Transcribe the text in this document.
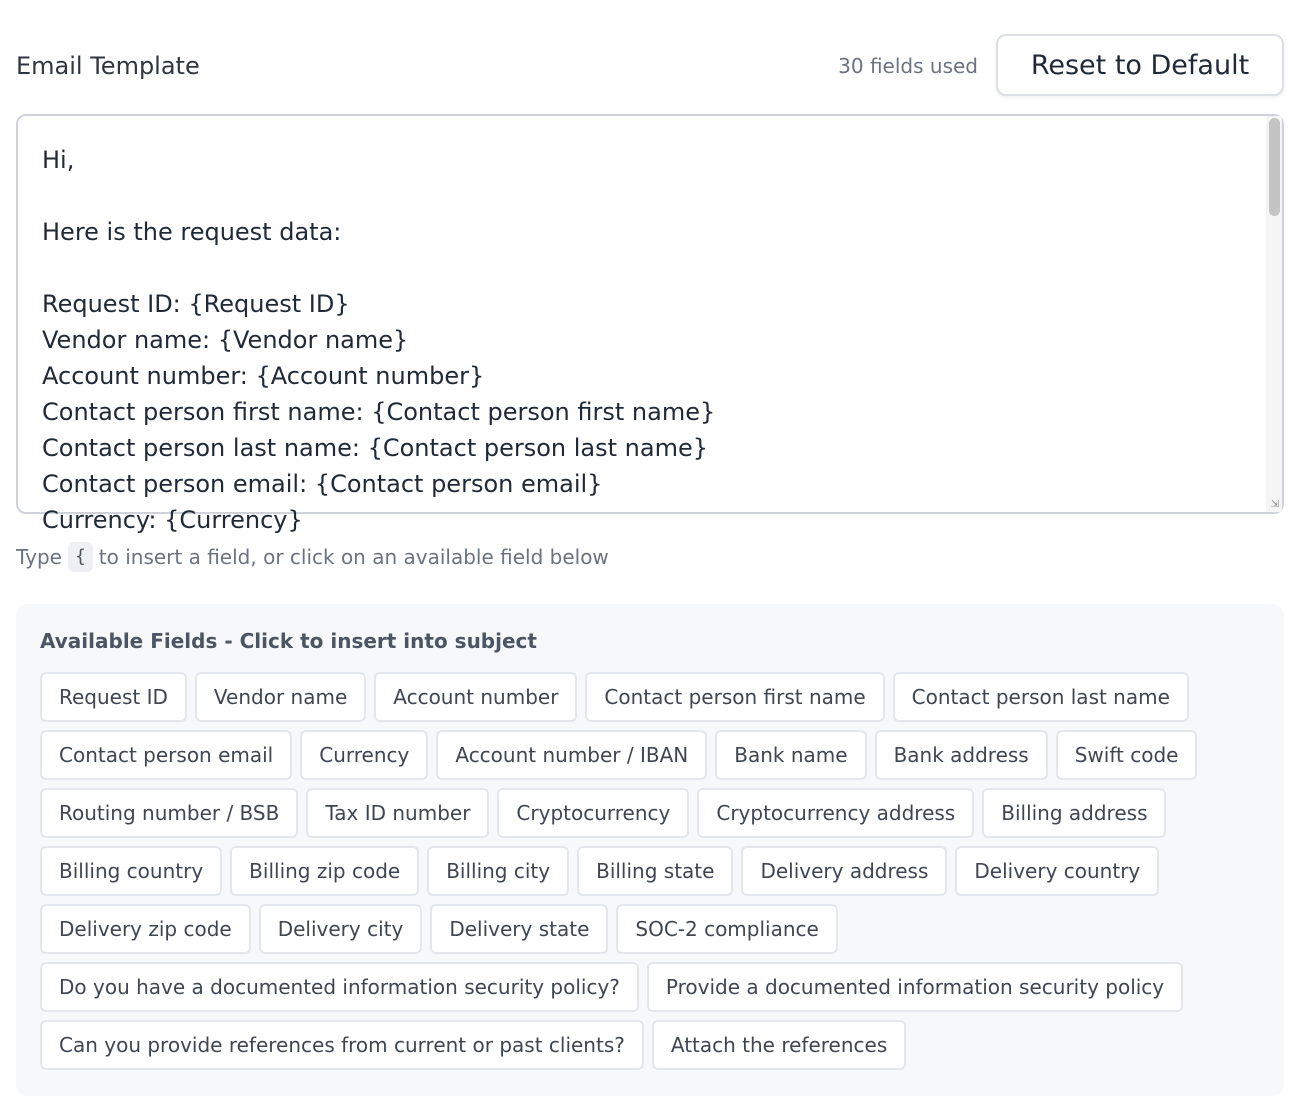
Email Template	30 fields used	Reset to Default
Hi,

Here is the request data:

Request ID: {Request ID}
Vendor name: {Vendor name}
Account number: {Account number}
Contact person first name: {Contact person first name}
Contact person last name: {Contact person last name}
Contact person email: {Contact person email}
Currency: {Currency}
⇲
Type { to insert a field, or click on an available field below
Available Fields - Click to insert into subject
Request ID	Vendor name	Account number	Contact person first name	Contact person last name
Contact person email	Currency	Account number / IBAN	Bank name	Bank address	Swift code
Routing number / BSB	Tax ID number	Cryptocurrency	Cryptocurrency address	Billing address
Billing country	Billing zip code	Billing city	Billing state	Delivery address	Delivery country
Delivery zip code	Delivery city	Delivery state	SOC-2 compliance
Do you have a documented information security policy?	Provide a documented information security policy
Can you provide references from current or past clients?	Attach the references
